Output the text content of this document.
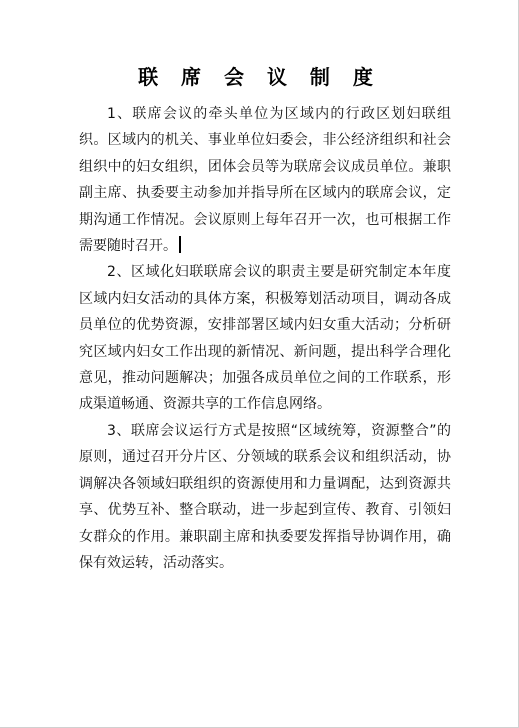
联 席 会 议 制 度

1、联席会议的牵头单位为区域内的行政区划妇联组织。区域内的机关、事业单位妇委会，非公经济组织和社会组织中的妇女组织，团体会员等为联席会议成员单位。兼职副主席、执委要主动参加并指导所在区域内的联席会议，定期沟通工作情况。会议原则上每年召开一次，也可根据工作需要随时召开。

2、区域化妇联联席会议的职责主要是研究制定本年度区域内妇女活动的具体方案，积极筹划活动项目，调动各成员单位的优势资源，安排部署区域内妇女重大活动；分析研究区域内妇女工作出现的新情况、新问题，提出科学合理化意见，推动问题解决；加强各成员单位之间的工作联系，形成渠道畅通、资源共享的工作信息网络。

3、联席会议运行方式是按照“区域统筹，资源整合”的原则，通过召开分片区、分领域的联系会议和组织活动，协调解决各领域妇联组织的资源使用和力量调配，达到资源共享、优势互补、整合联动，进一步起到宣传、教育、引领妇女群众的作用。兼职副主席和执委要发挥指导协调作用，确保有效运转，活动落实。
